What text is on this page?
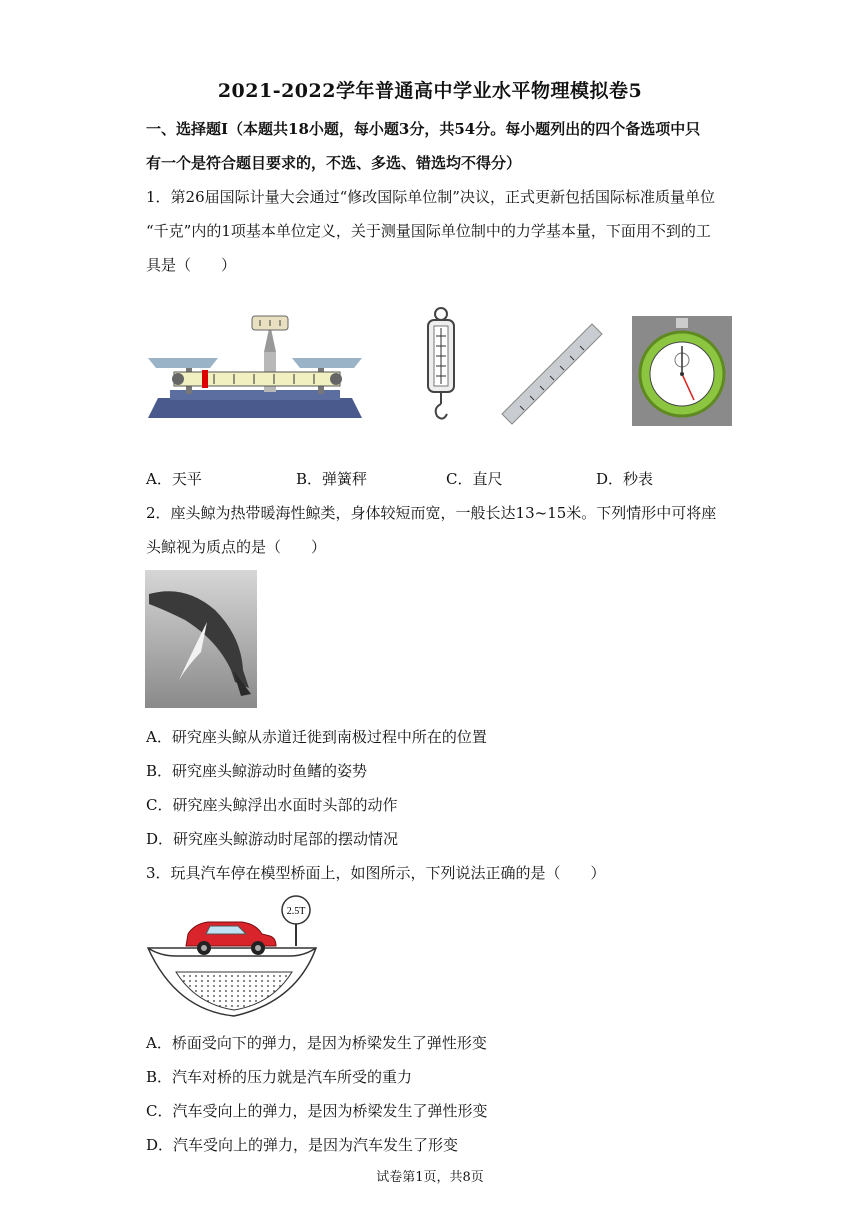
2021-2022学年普通高中学业水平物理模拟卷5
一、选择题Ⅰ（本题共18小题，每小题3分，共54分。每小题列出的四个备选项中只
有一个是符合题目要求的，不选、多选、错选均不得分）
1．第26届国际计量大会通过“修改国际单位制”决议，正式更新包括国际标准质量单位
“千克”内的1项基本单位定义，关于测量国际单位制中的力学基本量，下面用不到的工
具是（　　）
A．天平	B．弹簧秤	C．直尺	D．秒表
2．座头鲸为热带暖海性鲸类，身体较短而宽，一般长达13~15米。下列情形中可将座
头鲸视为质点的是（　　）
A．研究座头鲸从赤道迁徙到南极过程中所在的位置
B．研究座头鲸游动时鱼鳍的姿势
C．研究座头鲸浮出水面时头部的动作
D．研究座头鲸游动时尾部的摆动情况
3．玩具汽车停在模型桥面上，如图所示，下列说法正确的是（　　）
2.5T
A．桥面受向下的弹力，是因为桥梁发生了弹性形变
B．汽车对桥的压力就是汽车所受的重力
C．汽车受向上的弹力，是因为桥梁发生了弹性形变
D．汽车受向上的弹力，是因为汽车发生了形变
试卷第1页，共8页
